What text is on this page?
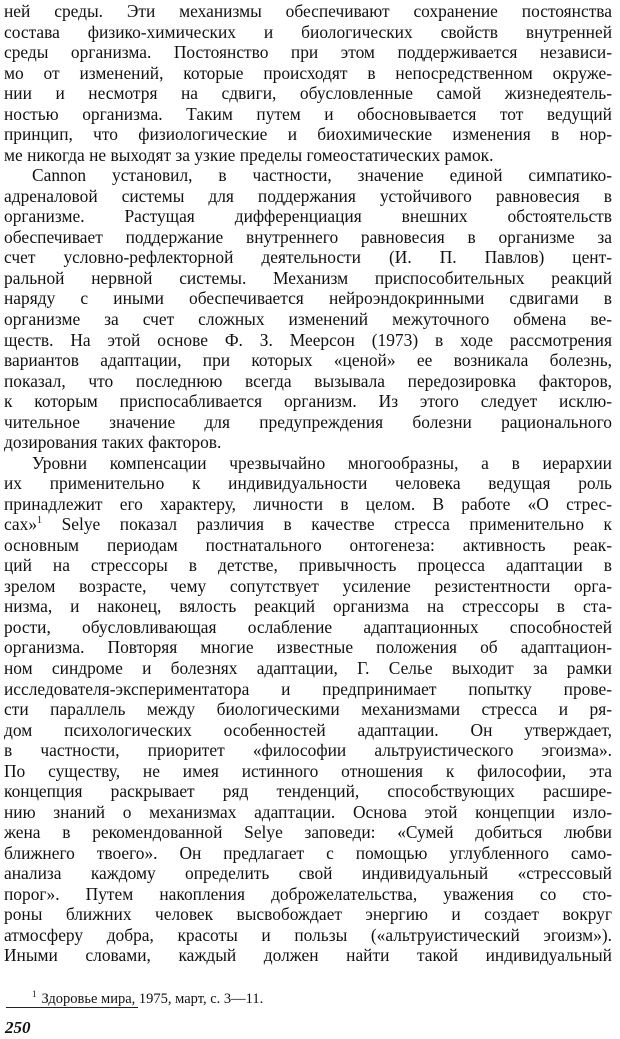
ней среды. Эти механизмы обеспечивают сохранение постоянства
состава физико-химических и биологических свойств внутренней
среды организма. Постоянство при этом поддерживается независи-
мо от изменений, которые происходят в непосредственном окруже-
нии и несмотря на сдвиги, обусловленные самой жизнедеятель-
ностью организма. Таким путем и обосновывается тот ведущий
принцип, что физиологические и биохимические изменения в нор-
ме никогда не выходят за узкие пределы гомеостатических рамок.
Cannon установил, в частности, значение единой симпатико-
адреналовой системы для поддержания устойчивого равновесия в
организме. Растущая дифференциация внешних обстоятельств
обеспечивает поддержание внутреннего равновесия в организме за
счет условно-рефлекторной деятельности (И. П. Павлов) цент-
ральной нервной системы. Механизм приспособительных реакций
наряду с иными обеспечивается нейроэндокринными сдвигами в
организме за счет сложных изменений межуточного обмена ве-
ществ. На этой основе Ф. З. Меерсон (1973) в ходе рассмотрения
вариантов адаптации, при которых «ценой» ее возникала болезнь,
показал, что последнюю всегда вызывала передозировка факторов,
к которым приспосабливается организм. Из этого следует исклю-
чительное значение для предупреждения болезни рационального
дозирования таких факторов.
Уровни компенсации чрезвычайно многообразны, а в иерархии
их применительно к индивидуальности человека ведущая роль
принадлежит его характеру, личности в целом. В работе «О стрес-
сах»$^1$ Selye показал различия в качестве стресса применительно к
основным периодам постнатального онтогенеза: активность реак-
ций на стрессоры в детстве, привычность процесса адаптации в
зрелом возрасте, чему сопутствует усиление резистентности орга-
низма, и наконец, вялость реакций организма на стрессоры в ста-
рости, обусловливающая ослабление адаптационных способностей
организма. Повторяя многие известные положения об адаптацион-
ном синдроме и болезнях адаптации, Г. Селье выходит за рамки
исследователя-экспериментатора и предпринимает попытку прове-
сти параллель между биологическими механизмами стресса и ря-
дом психологических особенностей адаптации. Он утверждает,
в частности, приоритет «философии альтруистического эгоизма».
По существу, не имея истинного отношения к философии, эта
концепция раскрывает ряд тенденций, способствующих расшире-
нию знаний о механизмах адаптации. Основа этой концепции изло-
жена в рекомендованной Selye заповеди: «Сумей добиться любви
ближнего твоего». Он предлагает с помощью углубленного само-
анализа каждому определить свой индивидуальный «стрессовый
порог». Путем накопления доброжелательства, уважения со сто-
роны ближних человек высвобождает энергию и создает вокруг
атмосферу добра, красоты и пользы («альтруистический эгоизм»).
Иными словами, каждый должен найти такой индивидуальный
$^1$ Здоровье мира, 1975, март, с. 3—11.
250
